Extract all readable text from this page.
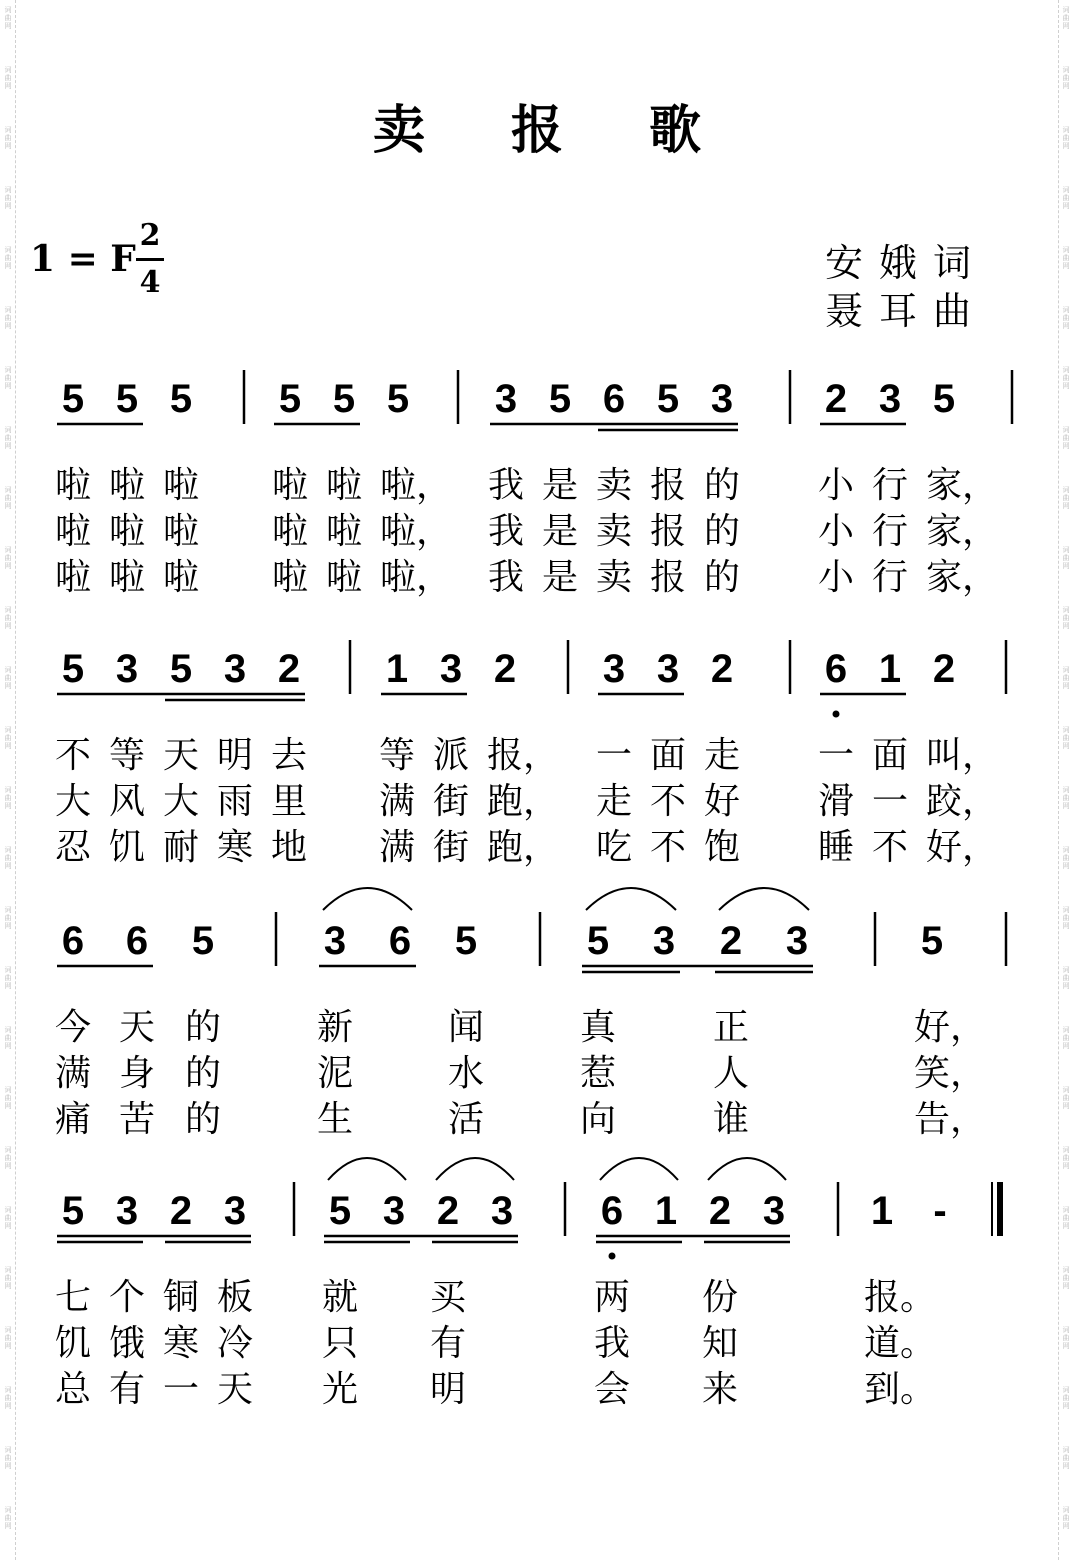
词曲网
词曲网
词曲网
词曲网
词曲网
词曲网
词曲网
词曲网
词曲网
词曲网
词曲网
词曲网
词曲网
词曲网
词曲网
词曲网
词曲网
词曲网
词曲网
词曲网
词曲网
词曲网
词曲网
词曲网
词曲网
词曲网
词曲网
词曲网
词曲网
词曲网
词曲网
词曲网
词曲网
词曲网
词曲网
词曲网
词曲网
词曲网
词曲网
词曲网
词曲网
词曲网
词曲网
词曲网
词曲网
词曲网
词曲网
词曲网
词曲网
词曲网
词曲网
词曲网
卖报歌
1 = F
2
4	安娥词
聂耳曲
5 5 5 5 5 5 3 5 6 5 3 2 3 5
5 3 5 3 2 1 3 2 3 3 2 6 1 2
6 6 5	3 6 5	5 3 2 3	5
5 3 2 3 5 3 2 3 6 1 2 3 1 -
啦 啦 啦 啦 啦 啦， 我 是 卖 报 的 小 行 家，
啦 啦 啦 啦 啦 啦， 我 是 卖 报 的 小 行 家，
啦 啦 啦 啦 啦 啦， 我 是 卖 报 的 小 行 家，
不 等 天 明 去 等 派 报， 一 面 走 一 面 叫，
大 风 大 雨 里 满 街 跑， 走 不 好 滑 一 跤，
忍 饥 耐 寒 地 满 街 跑， 吃 不 饱 睡 不 好，
今 天 的	新	闻	真	正	好，
满 身 的	泥	水	惹	人	笑，
痛 苦 的	生	活	向	谁	告，
七 个 铜 板 就 买	两 份	报。
饥 饿 寒 冷 只 有	我 知	道。
总 有 一 天 光 明	会 来	到。
